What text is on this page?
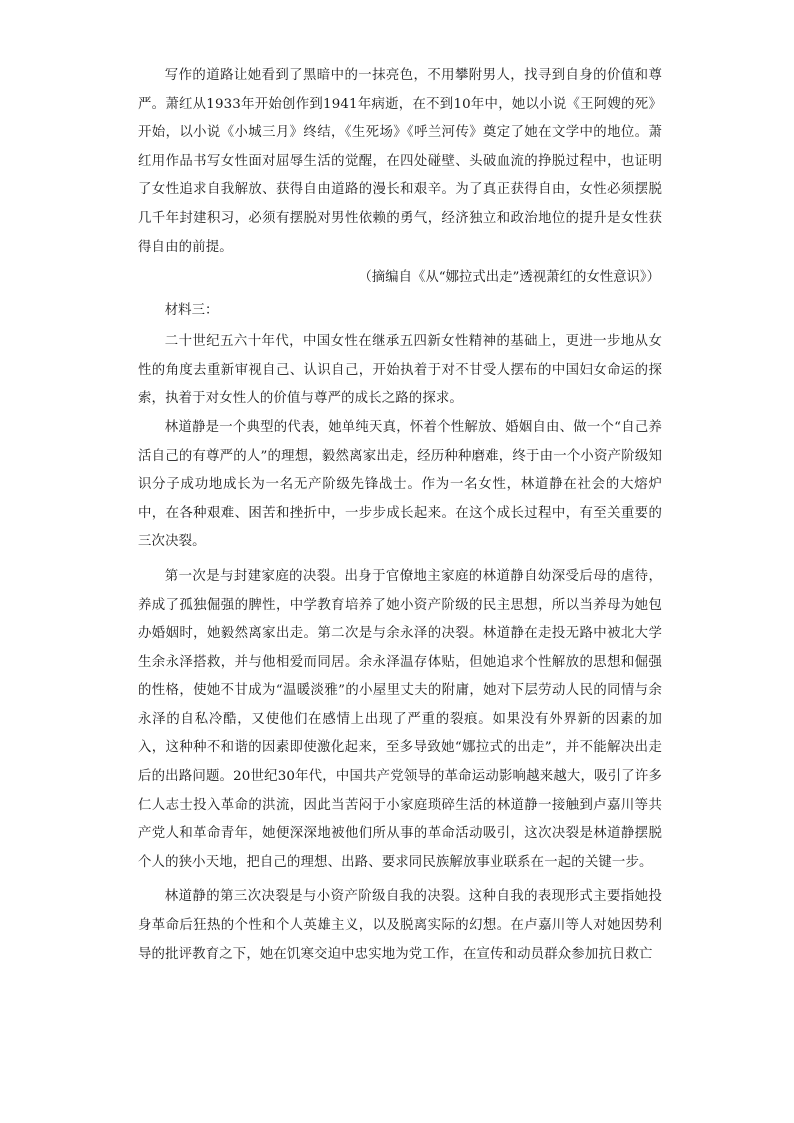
写作的道路让她看到了黑暗中的一抹亮色，不用攀附男人，找寻到自身的价值和尊严。萧红从1933年开始创作到1941年病逝，在不到10年中，她以小说《王阿嫂的死》开始，以小说《小城三月》终结，《生死场》《呼兰河传》奠定了她在文学中的地位。萧红用作品书写女性面对屈辱生活的觉醒，在四处碰壁、头破血流的挣脱过程中，也证明了女性追求自我解放、获得自由道路的漫长和艰辛。为了真正获得自由，女性必须摆脱几千年封建积习，必须有摆脱对男性依赖的勇气，经济独立和政治地位的提升是女性获得自由的前提。

（摘编自《从“娜拉式出走”透视萧红的女性意识》）

材料三：

二十世纪五六十年代，中国女性在继承五四新女性精神的基础上，更进一步地从女性的角度去重新审视自己、认识自己，开始执着于对不甘受人摆布的中国妇女命运的探索，执着于对女性人的价值与尊严的成长之路的探求。

林道静是一个典型的代表，她单纯天真，怀着个性解放、婚姻自由、做一个“自己养活自己的有尊严的人”的理想，毅然离家出走，经历种种磨难，终于由一个小资产阶级知识分子成功地成长为一名无产阶级先锋战士。作为一名女性，林道静在社会的大熔炉中，在各种艰难、困苦和挫折中，一步步成长起来。在这个成长过程中，有至关重要的三次决裂。

第一次是与封建家庭的决裂。出身于官僚地主家庭的林道静自幼深受后母的虐待，养成了孤独倔强的脾性，中学教育培养了她小资产阶级的民主思想，所以当养母为她包办婚姻时，她毅然离家出走。第二次是与余永泽的决裂。林道静在走投无路中被北大学生余永泽搭救，并与他相爱而同居。余永泽温存体贴，但她追求个性解放的思想和倔强的性格，使她不甘成为“温暖淡雅”的小屋里丈夫的附庸，她对下层劳动人民的同情与余永泽的自私冷酷，又使他们在感情上出现了严重的裂痕。如果没有外界新的因素的加入，这种种不和谐的因素即使激化起来，至多导致她“娜拉式的出走”，并不能解决出走后的出路问题。20世纪30年代，中国共产党领导的革命运动影响越来越大，吸引了许多仁人志士投入革命的洪流，因此当苦闷于小家庭琐碎生活的林道静一接触到卢嘉川等共产党人和革命青年，她便深深地被他们所从事的革命活动吸引，这次决裂是林道静摆脱个人的狭小天地，把自己的理想、出路、要求同民族解放事业联系在一起的关键一步。

林道静的第三次决裂是与小资产阶级自我的决裂。这种自我的表现形式主要指她投身革命后狂热的个性和个人英雄主义，以及脱离实际的幻想。在卢嘉川等人对她因势利导的批评教育之下，她在饥寒交迫中忠实地为党工作，在宣传和动员群众参加抗日救亡
